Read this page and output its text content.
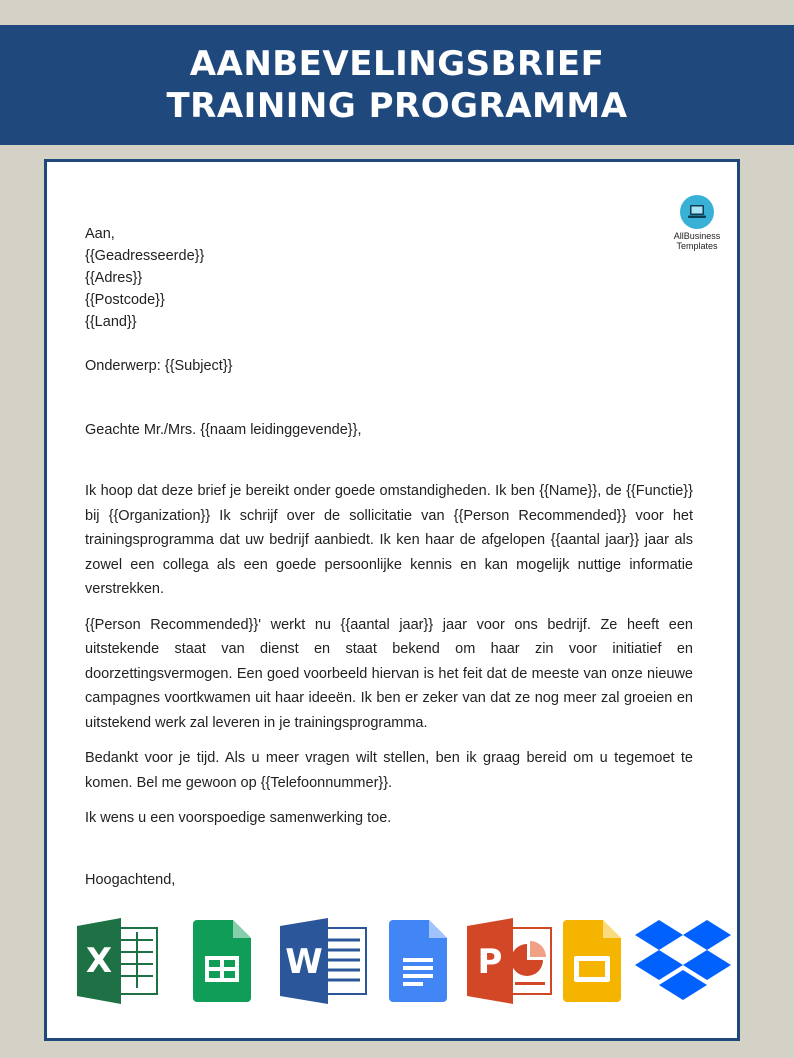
AANBEVELINGSBRIEF
TRAINING PROGRAMMA
AllBusiness
Templates

Aan,

{{Geadresseerde}}

{{Adres}}

{{Postcode}}

{{Land}}

Onderwerp: {{Subject}}

Geachte Mr./Mrs. {{naam leidinggevende}},

Ik hoop dat deze brief je bereikt onder goede omstandigheden. Ik ben {{Name}}, de {{Functie}} bij {{Organization}} Ik schrijf over de sollicitatie van {{Person Recommended}} voor het trainingsprogramma dat uw bedrijf aanbiedt. Ik ken haar de afgelopen {{aantal jaar}} jaar als zowel een collega als een goede persoonlijke kennis en kan mogelijk nuttige informatie verstrekken.

{{Person Recommended}}' werkt nu {{aantal jaar}} jaar voor ons bedrijf. Ze heeft een uitstekende staat van dienst en staat bekend om haar zin voor initiatief en doorzettingsvermogen. Een goed voorbeeld hiervan is het feit dat de meeste van onze nieuwe campagnes voortkwamen uit haar ideeën. Ik ben er zeker van dat ze nog meer zal groeien en uitstekend werk zal leveren in je trainingsprogramma.

Bedankt voor je tijd. Als u meer vragen wilt stellen, ben ik graag bereid om u tegemoet te komen. Bel me gewoon op {{Telefoonnummer}}.

Ik wens u een voorspoedige samenwerking toe.

Hoogachtend,

X	W	P
